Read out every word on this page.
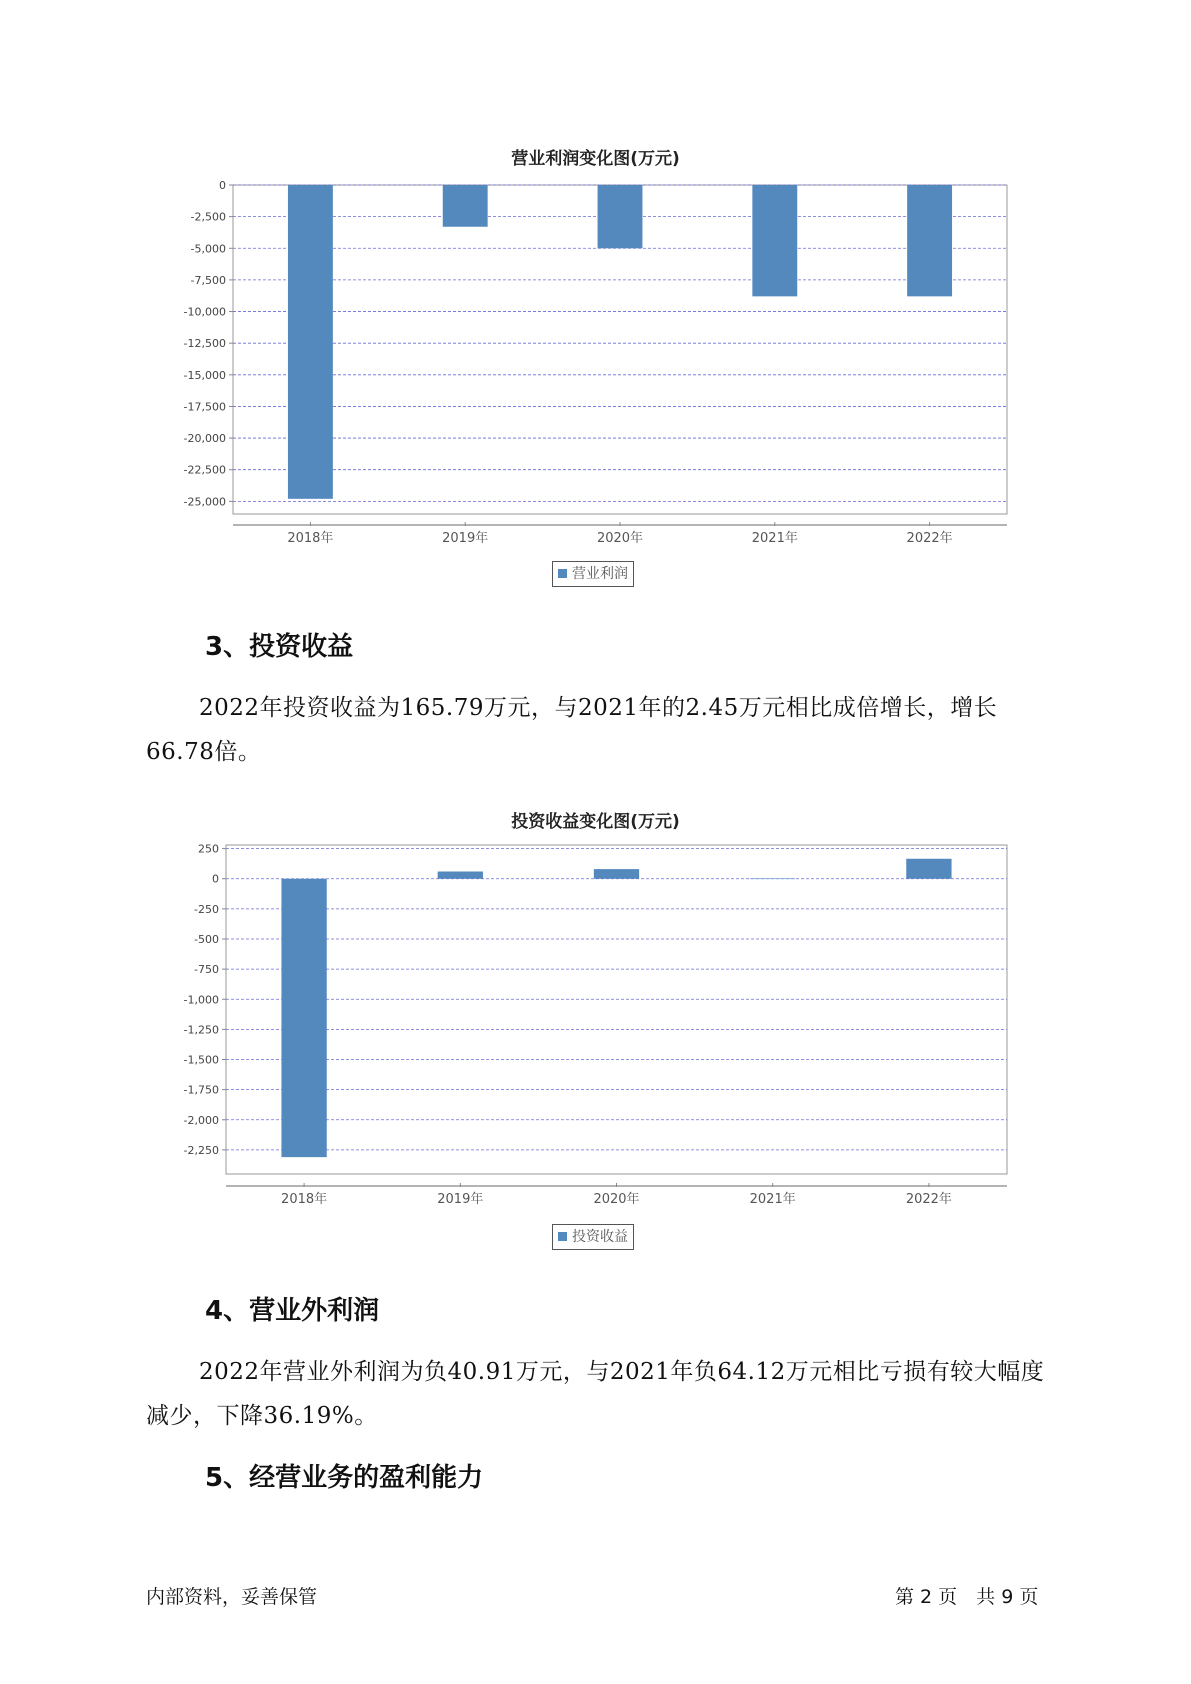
营业利润变化图(万元)
0
-2,500
-5,000
-7,500
-10,000
-12,500
-15,000
-17,500
-20,000
-22,500
-25,000
2018年	2019年	2020年	2021年	2022年
营业利润
3、投资收益
2022年投资收益为165.79万元，与2021年的2.45万元相比成倍增长，增长66.78倍。
投资收益变化图(万元)
250
0
-250
-500
-750
-1,000
-1,250
-1,500
-1,750
-2,000
-2,250
2018年	2019年	2020年	2021年	2022年
投资收益
4、营业外利润
2022年营业外利润为负40.91万元，与2021年负64.12万元相比亏损有较大幅度减少，下降36.19%。
5、经营业务的盈利能力
内部资料，妥善保管	第 2 页　共 9 页
